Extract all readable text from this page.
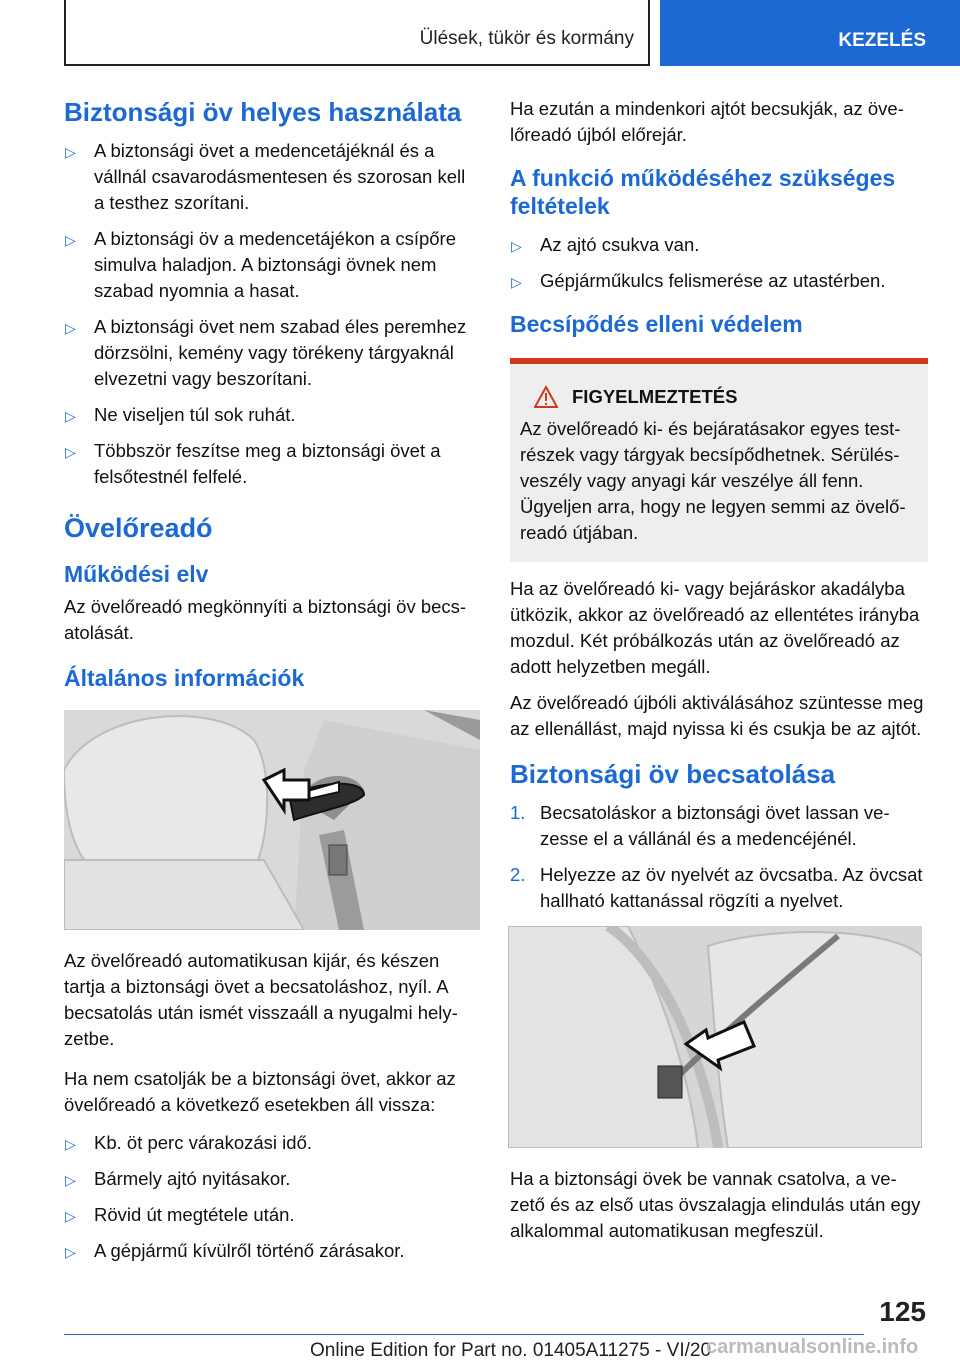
Ülések, tükör és kormány	KEZELÉS
Biztonsági öv helyes használata
▷ A biztonsági övet a medencetájéknál és a vállnál csavarodásmentesen és szorosan kell a testhez szorítani.
▷ A biztonsági öv a medencetájékon a csípőre simulva haladjon. A biztonsági övnek nem szabad nyomnia a hasat.
▷ A biztonsági övet nem szabad éles peremhez dörzsölni, kemény vagy törékeny tárgyaknál elvezetni vagy beszorítani.
▷ Ne viseljen túl sok ruhát.
▷ Többször feszítse meg a biztonsági övet a felsőtestnél felfelé.
Övelőreadó
Működési elv
Az övelőreadó megkönnyíti a biztonsági öv becs- atolását.
Általános információk
Az övelőreadó automatikusan kijár, és készen tartja a biztonsági övet a becsatoláshoz, nyíl. A becsatolás után ismét visszaáll a nyugalmi hely- zetbe.
Ha nem csatolják be a biztonsági övet, akkor az övelőreadó a következő esetekben áll vissza:
▷ Kb. öt perc várakozási idő.
▷ Bármely ajtó nyitásakor.
▷ Rövid út megtétele után.
▷ A gépjármű kívülről történő zárásakor.
Ha ezután a mindenkori ajtót becsukják, az öve- lőreadó újból előrejár.
A funkció működéséhez szükséges feltételek
▷ Az ajtó csukva van.
▷ Gépjárműkulcs felismerése az utastérben.
Becsípődés elleni védelem
FIGYELMEZTETÉS
Az övelőreadó ki- és bejáratásakor egyes test- részek vagy tárgyak becsípődhetnek. Sérülés- veszély vagy anyagi kár veszélye áll fenn. Ügyeljen arra, hogy ne legyen semmi az övelő- readó útjában.
Ha az övelőreadó ki- vagy bejáráskor akadályba ütközik, akkor az övelőreadó az ellentétes irányba mozdul. Két próbálkozás után az övelőreadó az adott helyzetben megáll.
Az övelőreadó újbóli aktiválásához szüntesse meg az ellenállást, majd nyissa ki és csukja be az ajtót.
Biztonsági öv becsatolása
1. Becsatoláskor a biztonsági övet lassan ve- zesse el a vállánál és a medencéjénél.
2. Helyezze az öv nyelvét az övcsatba. Az övcsat hallható kattanással rögzíti a nyelvet.
Ha a biztonsági övek be vannak csatolva, a ve- zető és az első utas övszalagja elindulás után egy alkalommal automatikusan megfeszül.
125
Online Edition for Part no. 01405A11275 - VI/20
carmanualsonline.info
